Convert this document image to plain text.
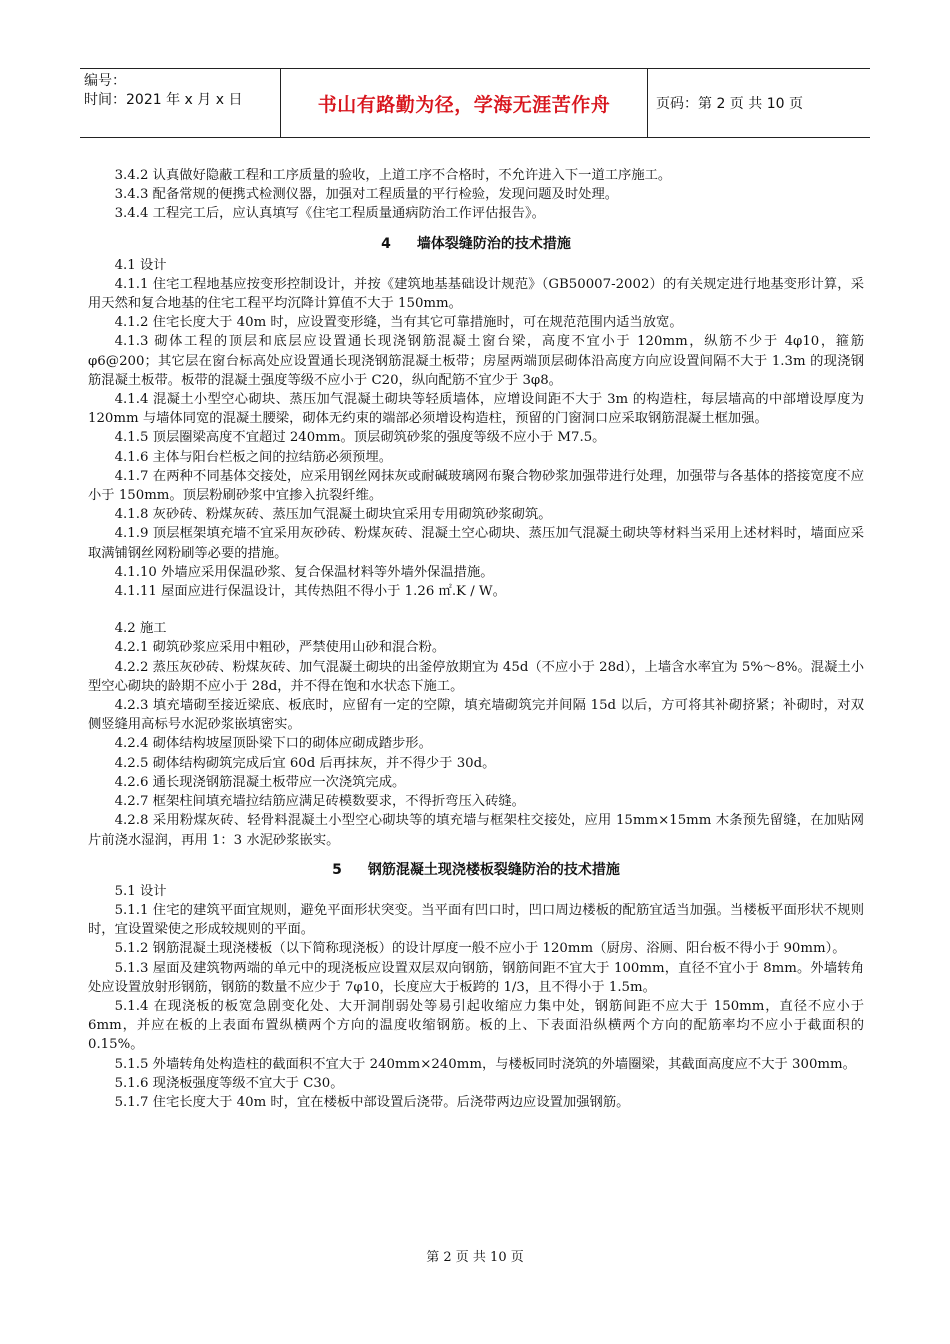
编号：
时间：2021 年 x 月 x 日	书山有路勤为径，学海无涯苦作舟	页码：第 2 页 共 10 页

3.4.2 认真做好隐蔽工程和工序质量的验收，上道工序不合格时，不允许进入下一道工序施工。

3.4.3 配备常规的便携式检测仪器，加强对工程质量的平行检验，发现问题及时处理。

3.4.4 工程完工后，应认真填写《住宅工程质量通病防治工作评估报告》。

4 墙体裂缝防治的技术措施

4.1 设计

4.1.1 住宅工程地基应按变形控制设计，并按《建筑地基基础设计规范》（GB50007-2002）的有关规定进行地基变形计算，采用天然和复合地基的住宅工程平均沉降计算值不大于 150mm。

4.1.2 住宅长度大于 40m 时，应设置变形缝，当有其它可靠措施时，可在规范范围内适当放宽。

4.1.3 砌体工程的顶层和底层应设置通长现浇钢筋混凝土窗台梁，高度不宜小于 120mm，纵筋不少于 4φ10，箍筋 φ6@200；其它层在窗台标高处应设置通长现浇钢筋混凝土板带；房屋两端顶层砌体沿高度方向应设置间隔不大于 1.3m 的现浇钢筋混凝土板带。板带的混凝土强度等级不应小于 C20，纵向配筋不宜少于 3φ8。

4.1.4 混凝土小型空心砌块、蒸压加气混凝土砌块等轻质墙体，应增设间距不大于 3m 的构造柱，每层墙高的中部增设厚度为 120mm 与墙体同宽的混凝土腰梁，砌体无约束的端部必须增设构造柱，预留的门窗洞口应采取钢筋混凝土框加强。

4.1.5 顶层圈梁高度不宜超过 240mm。顶层砌筑砂浆的强度等级不应小于 M7.5。

4.1.6 主体与阳台栏板之间的拉结筋必须预埋。

4.1.7 在两种不同基体交接处，应采用钢丝网抹灰或耐碱玻璃网布聚合物砂浆加强带进行处理，加强带与各基体的搭接宽度不应小于 150mm。顶层粉刷砂浆中宜掺入抗裂纤维。

4.1.8 灰砂砖、粉煤灰砖、蒸压加气混凝土砌块宜采用专用砌筑砂浆砌筑。

4.1.9 顶层框架填充墙不宜采用灰砂砖、粉煤灰砖、混凝土空心砌块、蒸压加气混凝土砌块等材料当采用上述材料时，墙面应采取满铺钢丝网粉刷等必要的措施。

4.1.10 外墙应采用保温砂浆、复合保温材料等外墙外保温措施。

4.1.11 屋面应进行保温设计，其传热阻不得小于 1.26 ㎡.K / W。

4.2 施工

4.2.1 砌筑砂浆应采用中粗砂，严禁使用山砂和混合粉。

4.2.2 蒸压灰砂砖、粉煤灰砖、加气混凝土砌块的出釜停放期宜为 45d（不应小于 28d），上墙含水率宜为 5%～8%。混凝土小型空心砌块的龄期不应小于 28d，并不得在饱和水状态下施工。

4.2.3 填充墙砌至接近梁底、板底时，应留有一定的空隙，填充墙砌筑完并间隔 15d 以后，方可将其补砌挤紧；补砌时，对双侧竖缝用高标号水泥砂浆嵌填密实。

4.2.4 砌体结构坡屋顶卧梁下口的砌体应砌成踏步形。

4.2.5 砌体结构砌筑完成后宜 60d 后再抹灰，并不得少于 30d。

4.2.6 通长现浇钢筋混凝土板带应一次浇筑完成。

4.2.7 框架柱间填充墙拉结筋应满足砖模数要求，不得折弯压入砖缝。

4.2.8 采用粉煤灰砖、轻骨料混凝土小型空心砌块等的填充墙与框架柱交接处，应用 15mm×15mm 木条预先留缝，在加贴网片前浇水湿润，再用 1：3 水泥砂浆嵌实。

5 钢筋混凝土现浇楼板裂缝防治的技术措施

5.1 设计

5.1.1 住宅的建筑平面宜规则，避免平面形状突变。当平面有凹口时，凹口周边楼板的配筋宜适当加强。当楼板平面形状不规则时，宜设置梁使之形成较规则的平面。

5.1.2 钢筋混凝土现浇楼板（以下简称现浇板）的设计厚度一般不应小于 120mm（厨房、浴厕、阳台板不得小于 90mm）。

5.1.3 屋面及建筑物两端的单元中的现浇板应设置双层双向钢筋，钢筋间距不宜大于 100mm，直径不宜小于 8mm。外墙转角处应设置放射形钢筋，钢筋的数量不应少于 7φ10，长度应大于板跨的 1/3，且不得小于 1.5m。

5.1.4 在现浇板的板宽急剧变化处、大开洞削弱处等易引起收缩应力集中处，钢筋间距不应大于 150mm，直径不应小于 6mm，并应在板的上表面布置纵横两个方向的温度收缩钢筋。板的上、下表面沿纵横两个方向的配筋率均不应小于截面积的 0.15%。

5.1.5 外墙转角处构造柱的截面积不宜大于 240mm×240mm，与楼板同时浇筑的外墙圈梁，其截面高度应不大于 300mm。

5.1.6 现浇板强度等级不宜大于 C30。

5.1.7 住宅长度大于 40m 时，宜在楼板中部设置后浇带。后浇带两边应设置加强钢筋。

第 2 页 共 10 页
